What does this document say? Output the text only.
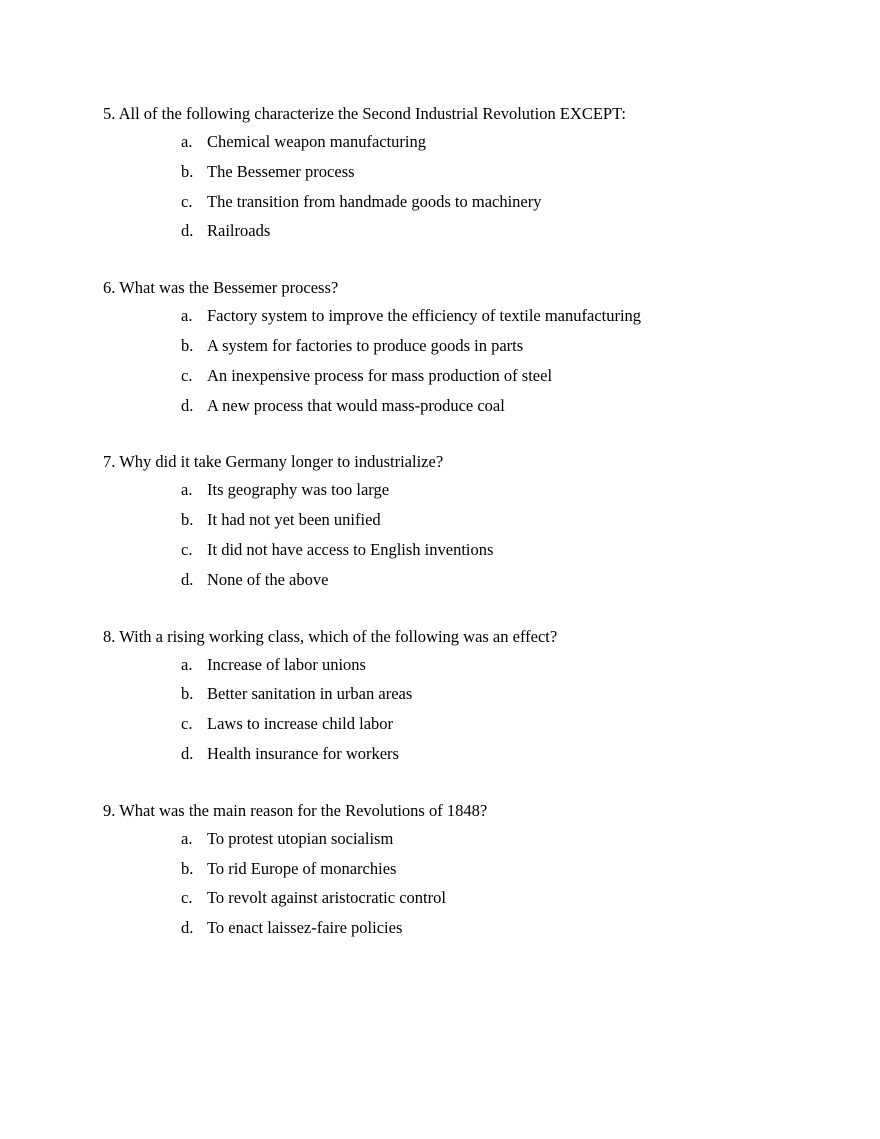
5. All of the following characterize the Second Industrial Revolution EXCEPT:
a. Chemical weapon manufacturing
b. The Bessemer process
c. The transition from handmade goods to machinery
d. Railroads
6. What was the Bessemer process?
a. Factory system to improve the efficiency of textile manufacturing
b. A system for factories to produce goods in parts
c. An inexpensive process for mass production of steel
d. A new process that would mass-produce coal
7. Why did it take Germany longer to industrialize?
a. Its geography was too large
b. It had not yet been unified
c. It did not have access to English inventions
d. None of the above
8. With a rising working class, which of the following was an effect?
a. Increase of labor unions
b. Better sanitation in urban areas
c. Laws to increase child labor
d. Health insurance for workers
9. What was the main reason for the Revolutions of 1848?
a. To protest utopian socialism
b. To rid Europe of monarchies
c. To revolt against aristocratic control
d. To enact laissez-faire policies
